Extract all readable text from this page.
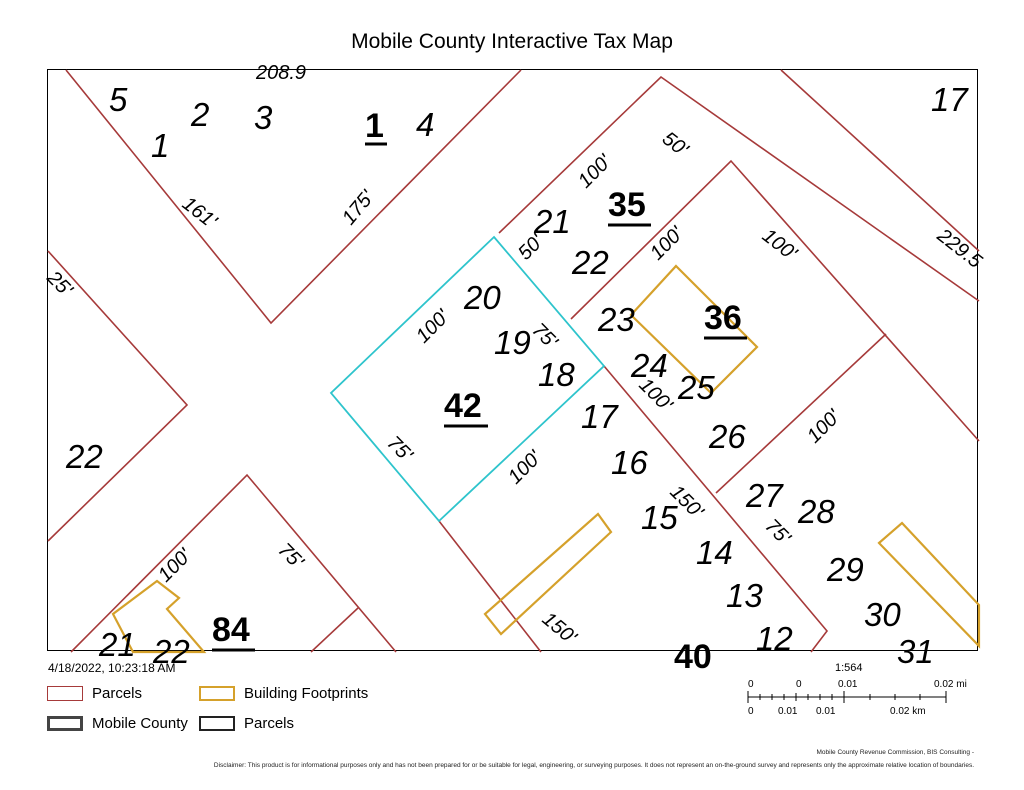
Mobile County Interactive Tax Map
5 2 3	4
1
17
21
22
20
19
18
17
16
15
14
13
12
23
24
25
26
27 28
29
30
31
22
21 22
1
35
36
42
84
40
208.9
161'	175'
50'
100'
50'	100'	100'	229.5
100'	75'
75'	100'
100'
150'
75'
100'
100'
150'
75'
25'
4/18/2022, 10:23:18 AM
Parcels	Building Footprints
Mobile County	Parcels
1:564
0	0	0.01	0.02 mi
0 0.01 0.01	0.02 km
Mobile County Revenue Commission, BIS Consulting -
Disclaimer: This product is for informational purposes only and has not been prepared for or be suitable for legal, engineering, or surveying purposes. It does not represent an on-the-ground survey and represents only the approximate relative location of boundaries.
